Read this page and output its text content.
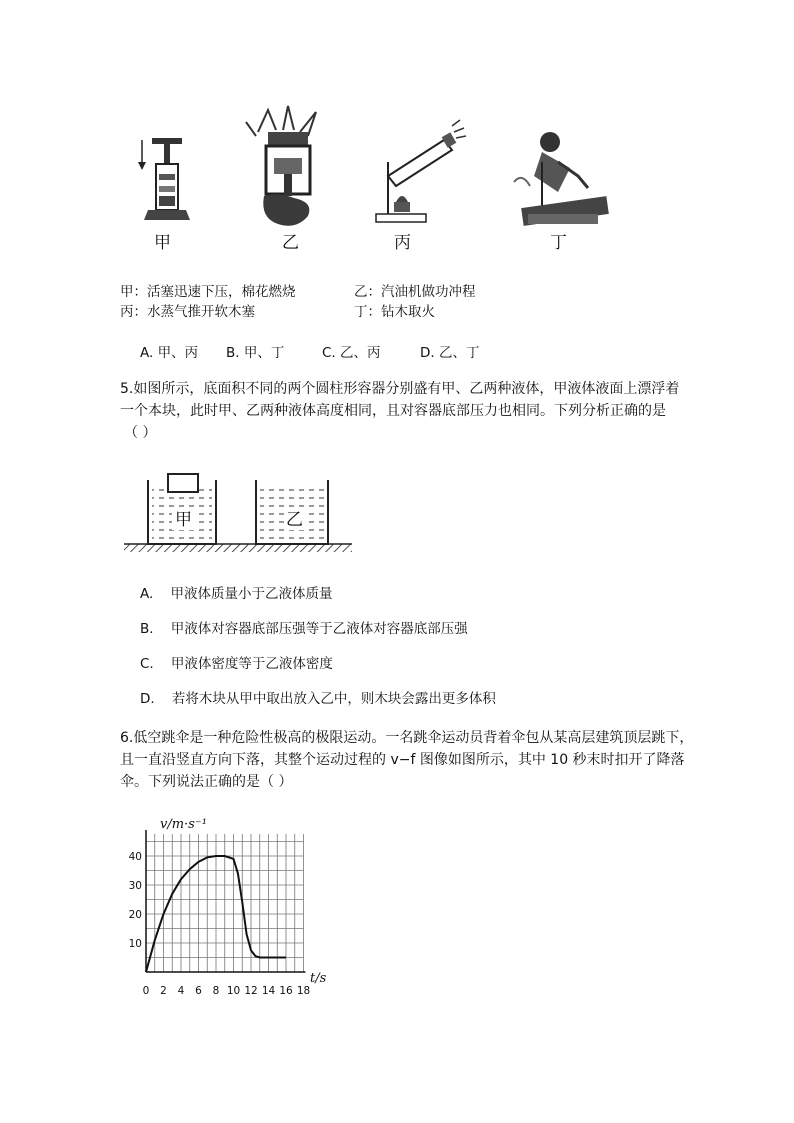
甲	乙	丙	丁
甲：活塞迅速下压，棉花燃烧	乙：汽油机做功冲程
丙：水蒸气推开软木塞	丁：钻木取火
A. 甲、丙 B. 甲、丁	C. 乙、丙	D. 乙、丁
5.如图所示，底面积不同的两个圆柱形容器分别盛有甲、乙两种液体，甲液体液面上漂浮着
一个本块，此时甲、乙两种液体高度相同，且对容器底部压力也相同。下列分析正确的是
（ ）
甲	乙
A. 甲液体质量小于乙液体质量
B. 甲液体对容器底部压强等于乙液体对容器底部压强
C. 甲液体密度等于乙液体密度
D. 若将木块从甲中取出放入乙中，则木块会露出更多体积
6.低空跳伞是一种危险性极高的极限运动。一名跳伞运动员背着伞包从某高层建筑顶层跳下，
且一直沿竖直方向下落，其整个运动过程的 v−f 图像如图所示，其中 10 秒末时扣开了降落
伞。下列说法正确的是（ ）
0 2 4 6 8 10 12 14 16 18
10
20
30
40
v/m·s⁻¹
t/s
